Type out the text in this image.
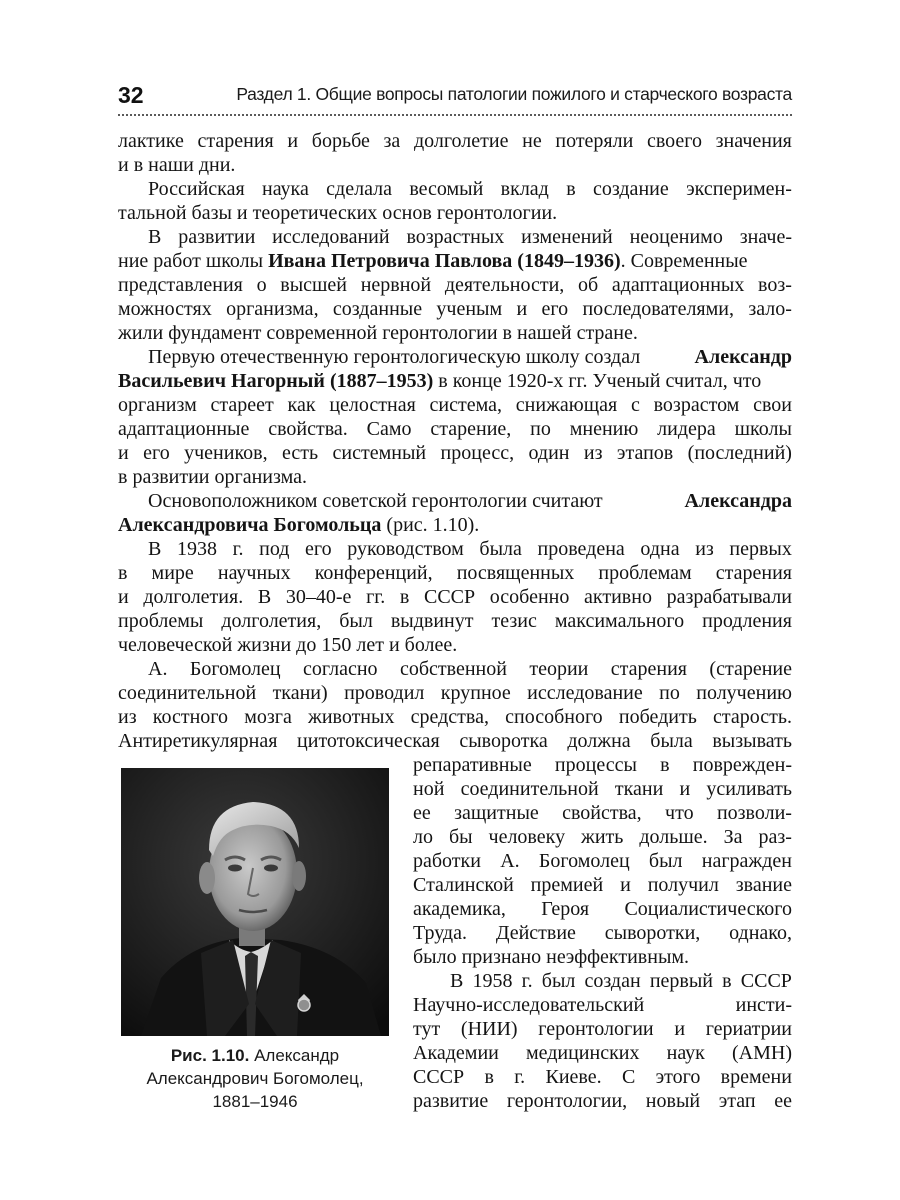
32	Раздел 1. Общие вопросы патологии пожилого и старческого возраста
лактике старения и борьбе за долголетие не потеряли своего значения
и в наши дни.
Российская наука сделала весомый вклад в создание эксперимен-
тальной базы и теоретических основ геронтологии.
В развитии исследований возрастных изменений неоценимо значе-
ние работ школы Ивана Петровича Павлова (1849–1936). Современные
представления о высшей нервной деятельности, об адаптационных воз-
можностях организма, созданные ученым и его последователями, зало-
жили фундамент современной геронтологии в нашей стране.
Первую отечественную геронтологическую школу создал Александр
Васильевич Нагорный (1887–1953) в конце 1920-х гг. Ученый считал, что
организм стареет как целостная система, снижающая с возрастом свои
адаптационные свойства. Само старение, по мнению лидера школы
и его учеников, есть системный процесс, один из этапов (последний)
в развитии организма.
Основоположником советской геронтологии считают	Александра
Александровича Богомольца (рис. 1.10).
В 1938 г. под его руководством была проведена одна из первых
в мире научных конференций, посвященных проблемам старения
и долголетия. В 30–40-е гг. в СССР особенно активно разрабатывали
проблемы долголетия, был выдвинут тезис максимального продления
человеческой жизни до 150 лет и более.
А. Богомолец согласно собственной теории старения (старение
соединительной ткани) проводил крупное исследование по получению
из костного мозга животных средства, способного победить старость.
Антиретикулярная цитотоксическая сыворотка должна была вызывать
репаративные процессы в поврежден-
ной соединительной ткани и усиливать
ее защитные свойства, что позволи-
ло бы человеку жить дольше. За раз-
работки А. Богомолец был награжден
Сталинской премией и получил звание
академика, Героя Социалистического
Труда. Действие сыворотки, однако,
было признано неэффективным.
В 1958 г. был создан первый в СССР
Научно-исследовательский	инсти-
тут (НИИ) геронтологии и гериатрии
Академии медицинских наук (АМН)
СССР в г. Киеве. С этого времени
развитие геронтологии, новый этап ее
Рис. 1.10. Александр
Александрович Богомолец,
1881–1946
